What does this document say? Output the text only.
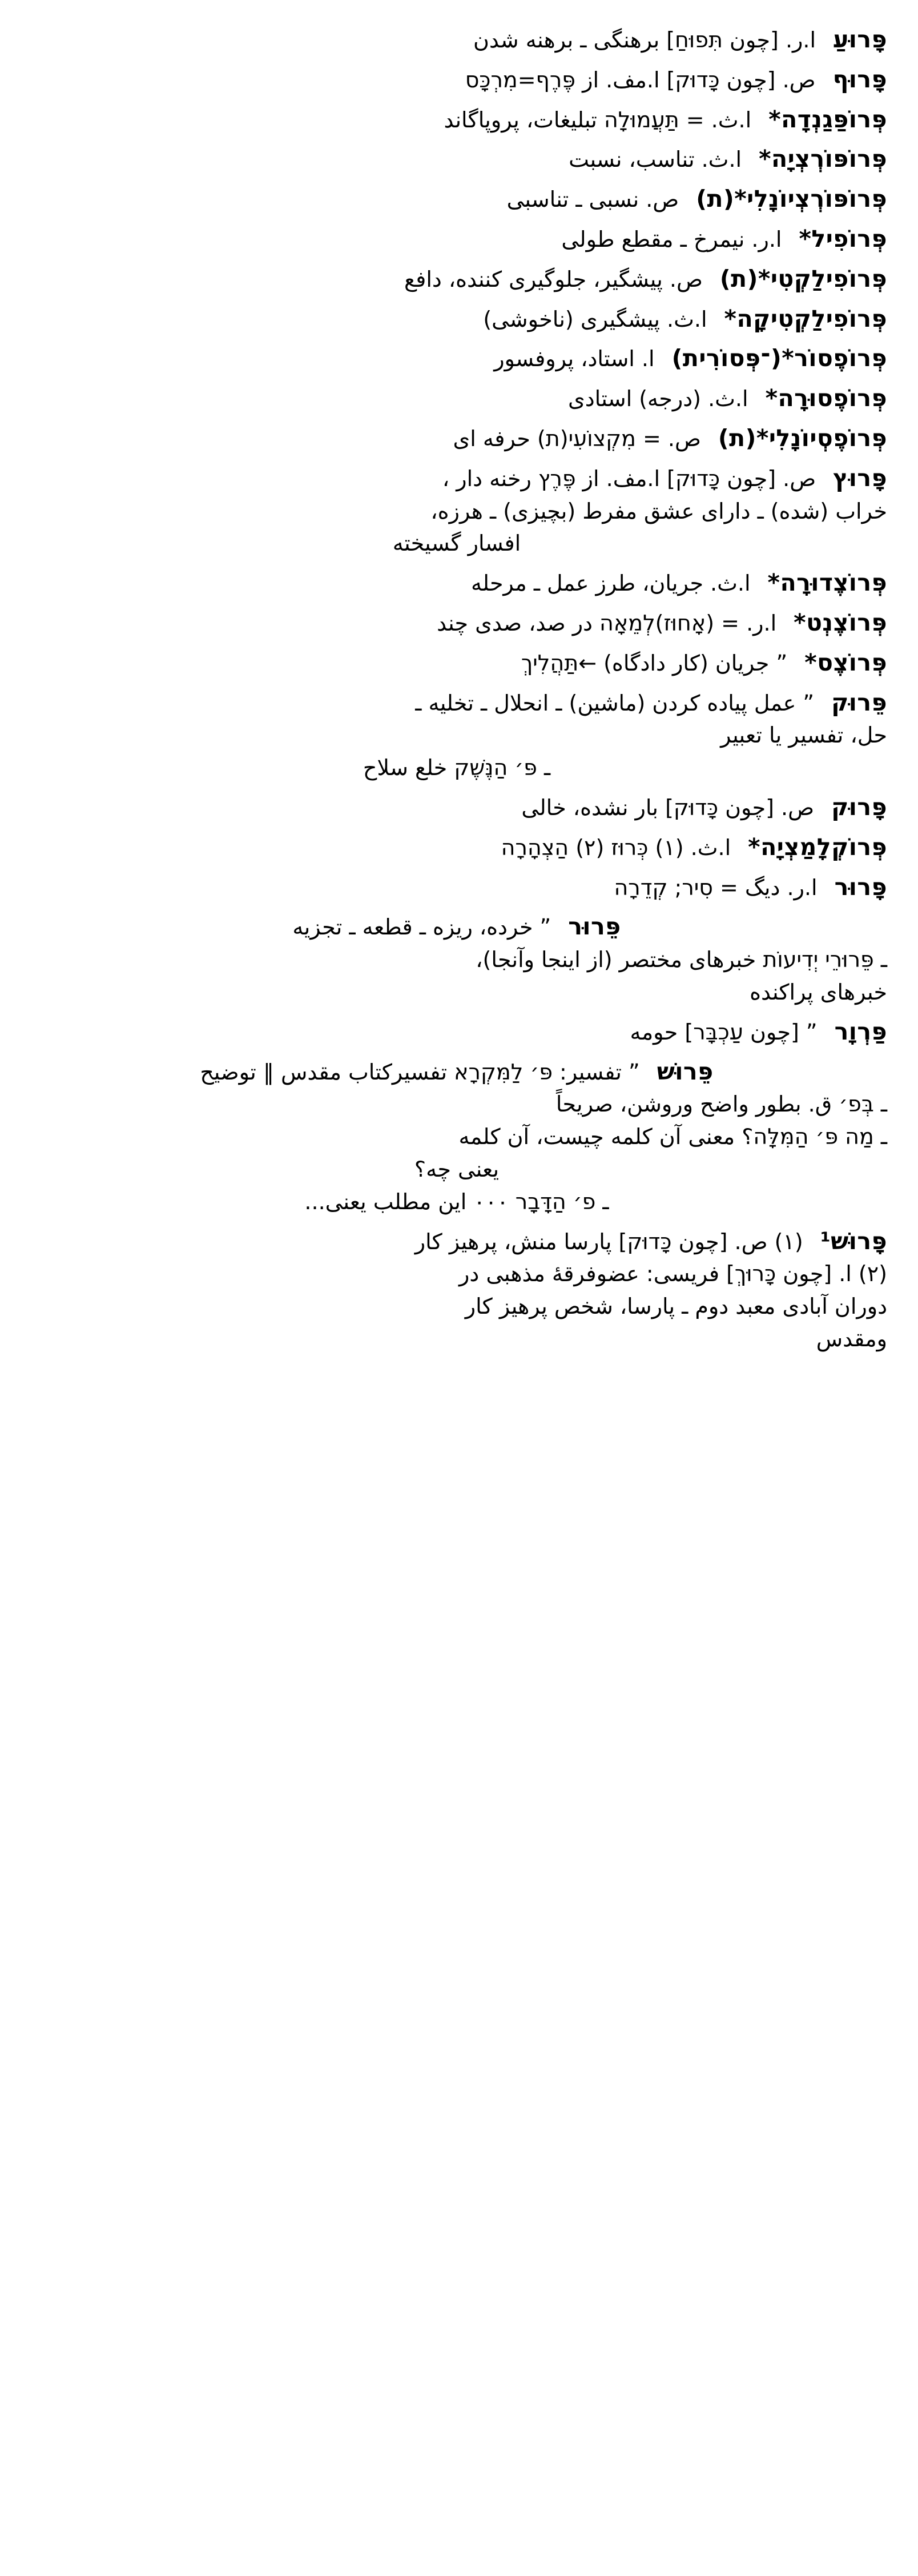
פָּרוּעַ‌ا.ر. [چون תִּפוּחַ] برهنگی ـ برهنه شدن
פָּרוּףص. [چون כָּדוּק] ا.مف. از פֶּרֶף=מִרְכָּס
פְּרוֹפַּגַנְדָה*ا.ث. = תַּעֲמוּלָה تبلیغات، پروپاگاند
פְּרוֹפּוֹרְצְיָה*ا.ث. تناسب، نسبت
פְּרוֹפּוֹרְצְיוֹנָלִי*(ת)ص. نسبی ـ تناسبی
פְּרוֹפִיל*ا.ر. نیمرخ ـ مقطع طولی
פְּרוֹפִילַקְטִי*(ת)ص. پیشگیر، جلوگیری کننده، دافع
פְּרוֹפִילַקְטִיקָה*ا.ث. پیشگیری (ناخوشی)
פְּרוֹפֶסוֹר*(־פְּסוֹרִית)ا. استاد، پروفسور
פְּרוֹפֶסוּרָה*ا.ث. (درجه) استادی
פְּרוֹפֶסְיוֹנָלִי*(ת)ص. = מִקְצוֹעִי(ת) حرفه ای
פָּרוּץص. [چون כָּדוּק] ا.مف. از פֶּרֶץ رخنه دار ،
خراب (شده) ـ دارای عشق مفرط (بچیزی) ـ هرزه،
افسار گسیخته
פְּרוֹצֶדוּרָה*ا.ث. جریان، طرز عمل ـ مرحله
פְּרוֹצֶנְט*ا.ر. = (אָחוּז)לְמֵאָה در صد، صدی چند
פְּרוֹצֶס*” جریان (کار دادگاه) ←תַּהֲלִיךְ
פֵּרוּק” عمل پیاده کردن (ماشین) ـ انحلال ـ تخلیه ـ
حل، تفسیر یا تعبیر
ـ פּ׳ הַנֶּשֶׁק خلع سلاح
פָּרוּקص. [چون כָּדוּק] بار نشده، خالی
פְּרוֹקְלָמַצְיָה*ا.ث. (۱) כְּרוּז (۲) הַצְהָרָה
פָּרוּרا.ر. دیگ = סִיר; קְדֵרָה
פֵּרוּר” خرده، ریزه ـ قطعه ـ تجزیه
ـ פֵּרוּרֵי יְדִיעוֹת خبرهای مختصر (از اینجا وآنجا)،
خبرهای پراکنده
פַּרְוָר” [چون עַכְבָּר] حومه
פֵּרוּשׁ” تفسیر: פּ׳ לַמִּקְרָא تفسیرکتاب مقدس ‖ توضیح
ـ בְּפ׳ ق. بطور واضح وروشن، صریحاً
ـ מַה פּ׳ הַמִּלָּה؟ معنی آن کلمه چیست، آن کلمه
یعنی چه؟
ـ פ׳ הַדָּבָר ۰۰۰ این مطلب یعنی...
פָּרוּשׁ¹(۱) ص. [چون כָּדוּק] پارسا منش، پرهیز کار
(۲) ا. [چون כָּרוּךְ] فریسی: عضوفرقهٔ مذهبی در
دوران آبادی معبد دوم ـ پارسا، شخص پرهیز کار
ومقدس
